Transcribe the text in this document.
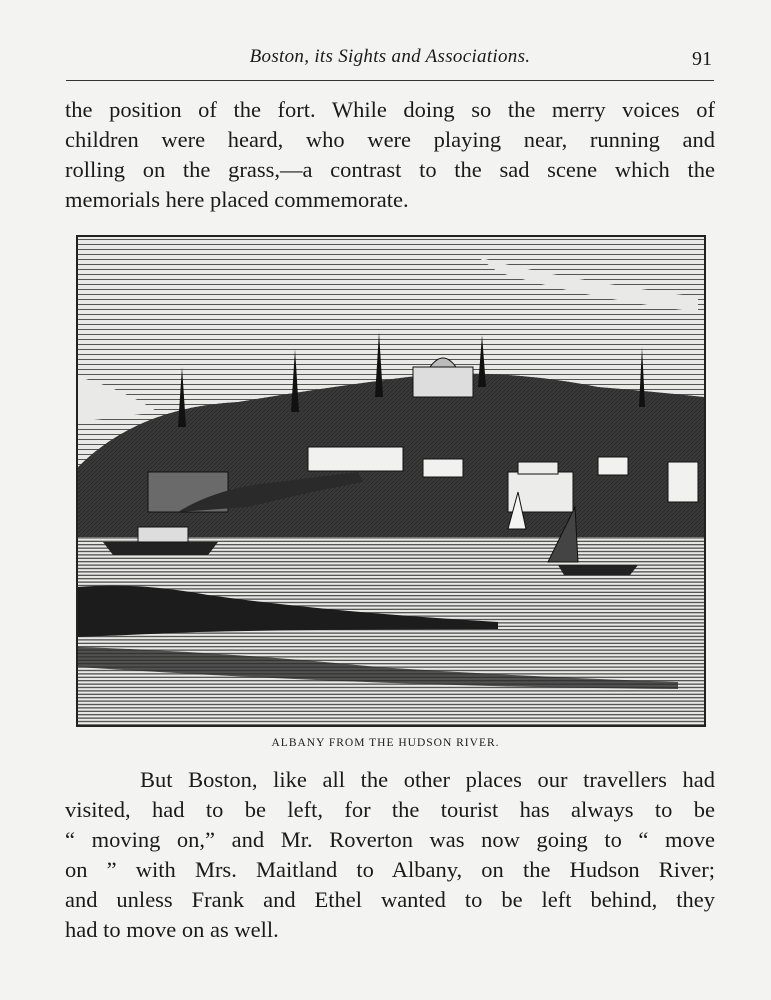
Boston, its Sights and Associations.	91

the position of the fort. While doing so the merry voices of
children were heard, who were playing near, running and
rolling on the grass,—a contrast to the sad scene which the
memorials here placed commemorate.

ALBANY FROM THE HUDSON RIVER.

But Boston, like all the other places our travellers had
visited, had to be left, for the tourist has always to be
“ moving on,” and Mr. Roverton was now going to “ move
on ” with Mrs. Maitland to Albany, on the Hudson River;
and unless Frank and Ethel wanted to be left behind, they
had to move on as well.
